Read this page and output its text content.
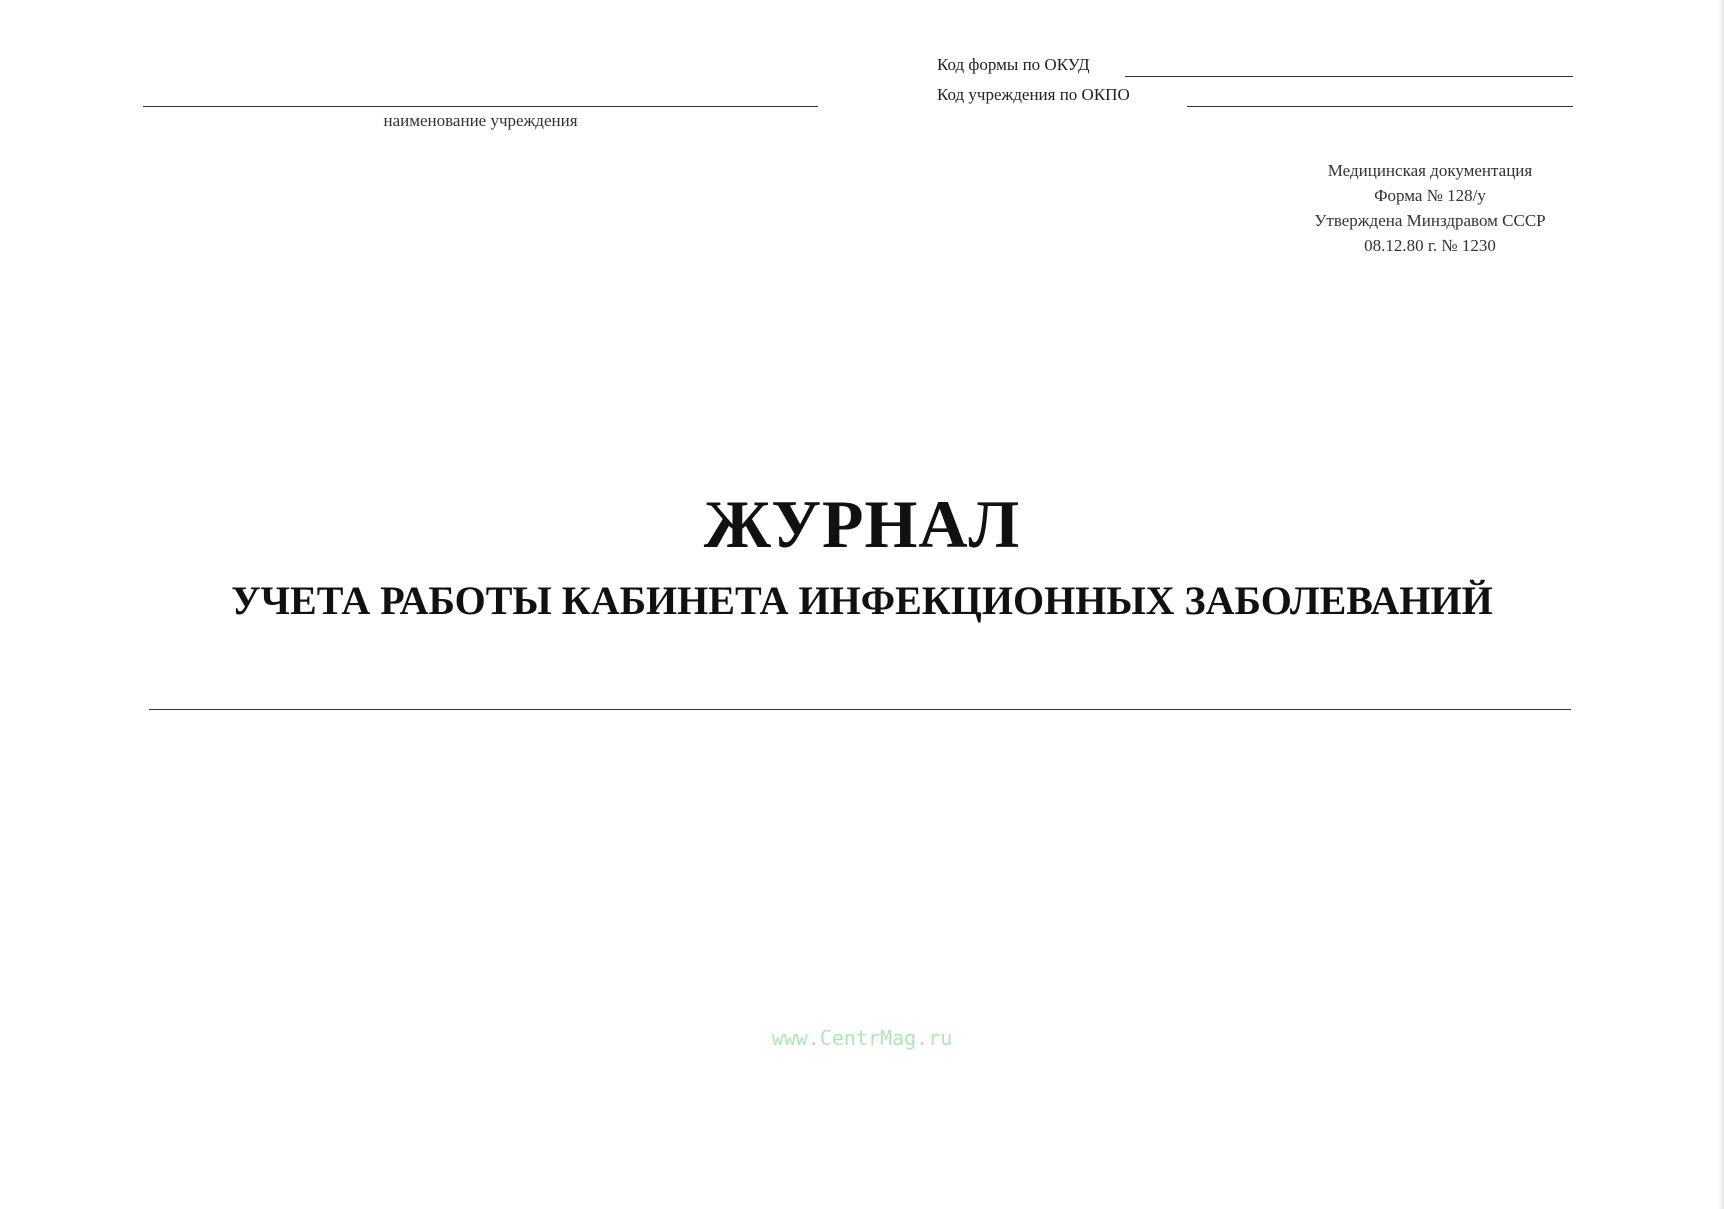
наименование учреждения
Код формы по ОКУД
Код учреждения по ОКПО
Медицинская документация
Форма № 128/у
Утверждена Минздравом СССР
08.12.80 г. № 1230
ЖУРНАЛ
УЧЕТА РАБОТЫ КАБИНЕТА ИНФЕКЦИОННЫХ ЗАБОЛЕВАНИЙ
www.CentrMag.ru
